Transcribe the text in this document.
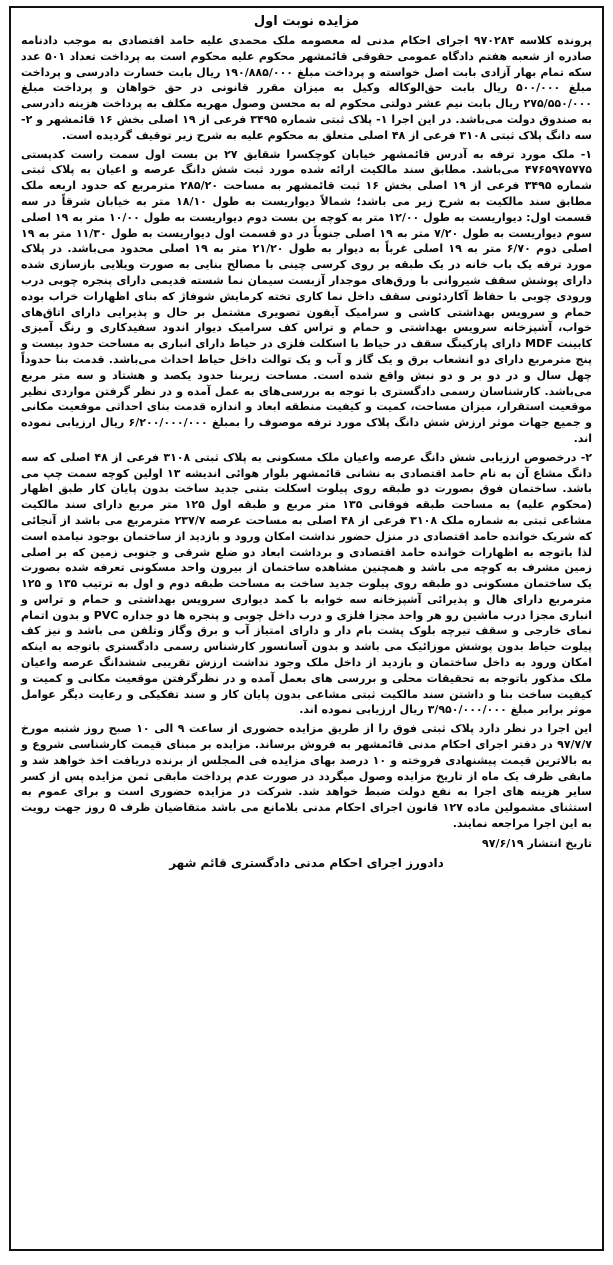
مزایده نوبت اول

پرونده کلاسه ۹۷۰۲۸۴ اجرای احکام مدنی له معصومه ملک محمدی علیه حامد اقتصادی به موجب دادنامه صادره از شعبه هفتم دادگاه عمومی حقوقی قائمشهر محکوم علیه محکوم است به پرداخت تعداد ۵۰۱ عدد سکه تمام بهار آزادی بابت اصل خواسته و پرداخت مبلغ ۱۹۰/۸۸۵/۰۰۰ ریال بابت خسارت دادرسی و پرداخت مبلغ ۵۰۰/۰۰۰ ریال بابت حق‌الوکاله وکیل به میزان مقرر قانونی در حق خواهان و پرداخت مبلغ ۲۷۵/۵۵۰/۰۰۰ ریال بابت نیم عشر دولتی محکوم له به محسن وصول مهریه مکلف به پرداخت هزینه دادرسی به صندوق دولت می‌باشد. در این اجرا ۱- پلاک ثبتی شماره ۳۴۹۵ فرعی از ۱۹ اصلی بخش ۱۶ قائمشهر و ۲- سه دانگ پلاک ثبتی ۳۱۰۸ فرعی از ۴۸ اصلی متعلق به محکوم علیه به شرح زیر توقیف گردیده است.

۱- ملک مورد ترفه به آدرس قائمشهر خیابان کوچکسرا شقایق ۲۷ بن بست اول سمت راست کدپستی ۴۷۶۵۹۷۵۷۷۵ می‌باشد. مطابق سند مالکیت ارائه شده مورد ثبت شش دانگ عرصه و اعیان به پلاک ثبتی شماره ۳۴۹۵ فرعی از ۱۹ اصلی بخش ۱۶ ثبت قائمشهر به مساحت ۲۸۵/۲۰ مترمربع که حدود اربعه ملک مطابق سند مالکیت به شرح زیر می باشد؛ شمالاً دیواریست به طول ۱۸/۱۰ متر به خیابان شرقاً در سه قسمت اول: دیواریست به طول ۱۲/۰۰ متر به کوچه بن بست دوم دیواریست به طول ۱۰/۰۰ متر به ۱۹ اصلی سوم دیواریست به طول ۷/۲۰ متر به ۱۹ اصلی جنوباً در دو قسمت اول دیواریست به طول ۱۱/۳۰ متر به ۱۹ اصلی دوم ۶/۷۰ متر به ۱۹ اصلی غرباً به دیوار به طول ۲۱/۲۰ متر به ۱۹ اصلی محدود می‌باشد. در پلاک مورد ترفه یک باب خانه در یک طبقه بر روی کرسی چینی با مصالح بنایی به صورت ویلایی بازسازی شده دارای پوشش سقف شیروانی با ورق‌های موجدار آزبست سیمان نما شسته قدیمی دارای پنجره چوبی درب ورودی چوبی با حفاظ آکاردئونی سقف داخل نما کاری تخته کرمایش شوفاژ که بنای اظهارات خراب بوده حمام و سرویس بهداشتی کاشی و سرامیک آیفون تصویری مشتمل بر حال و پذیرایی دارای اتاق‌های خواب، آشپزخانه سرویس بهداشتی و حمام و تراس کف سرامیک دیوار اندود سفیدکاری و رنگ آمیزی کابینت MDF دارای پارکینگ سقف در حیاط با اسکلت فلزی در حیاط دارای انباری به مساحت حدود بیست و پنج مترمربع دارای دو انشعاب برق و یک گاز و آب و یک توالت داخل حیاط احداث می‌باشد. قدمت بنا حدوداً چهل سال و در دو بر و دو نبش واقع شده است. مساحت زیربنا حدود یکصد و هشتاد و سه متر مربع می‌باشد. کارشناسان رسمی دادگستری با توجه به بررسی‌های به عمل آمده و در نظر گرفتن مواردی نظیر موقعیت استقرار، میزان مساحت، کمیت و کیفیت منطقه ابعاد و اندازه قدمت بنای احداثی موقعیت مکانی و جمیع جهات موثر ارزش شش دانگ پلاک مورد ترفه موصوف را بمبلغ ۶/۲۰۰/۰۰۰/۰۰۰ ریال ارزیابی نموده اند.

۲- درخصوص ارزیابی شش دانگ عرصه واعیان ملک مسکونی به پلاک ثبتی ۳۱۰۸ فرعی از ۴۸ اصلی که سه دانگ مشاع آن به نام حامد اقتصادی به نشانی قائمشهر بلوار هوائی اندیشه ۱۳ اولین کوچه سمت چپ می باشد. ساختمان فوق بصورت دو طبقه روی پیلوت اسکلت بتنی جدید ساخت بدون پایان کار طبق اظهار (محکوم علیه) به مساحت طبقه فوقانی ۱۳۵ متر مربع و طبقه اول ۱۲۵ متر مربع دارای سند مالکیت مشاعی ثبتی به شماره ملک ۳۱۰۸ فرعی از ۴۸ اصلی به مساحت عرصه ۲۳۷/۷ مترمربع می باشد از آنجائی که شریک خوانده حامد اقتصادی در منزل حضور نداشت امکان ورود و بازدید از ساختمان بوجود نیامده است لذا باتوجه به اظهارات خوانده حامد اقتصادی و برداشت ابعاد دو ضلع شرقی و جنوبی زمین که بر اصلی زمین مشرف به کوچه می باشد و همچنین مشاهده ساختمان از بیرون واحد مسکونی تعرفه شده بصورت یک ساختمان مسکونی دو طبقه روی پیلوت جدید ساخت به مساحت طبقه دوم و اول به ترتیب ۱۳۵ و ۱۲۵ مترمربع دارای هال و پذیرائی آشپزخانه سه خوابه با کمد دیواری سرویس بهداشتی و حمام و تراس و انباری مجزا درب ماشین رو هر واحد مجزا فلزی و درب داخل چوبی و پنجره ها دو جداره PVC و بدون اتمام نمای خارجی و سقف تیرچه بلوک پشت بام دار و دارای امتیاز آب و برق وگاز وتلفن می باشد و نیز کف پیلوت حیاط بدون پوشش موزائیک می باشد و بدون آسانسور کارشناس رسمی دادگستری باتوجه به اینکه امکان ورود به داخل ساختمان و بازدید از داخل ملک وجود نداشت ارزش تقریبی ششدانگ عرصه واعیان ملک مذکور باتوجه به تحقیقات محلی و بررسی های بعمل آمده و در نظرگرفتن موقعیت مکانی و کمیت و کیفیت ساخت بنا و داشتن سند مالکیت ثبتی مشاعی بدون پایان کار و سند تفکیکی و رعایت دیگر عوامل موثر برابر مبلغ ۳/۹۵۰/۰۰۰/۰۰۰ ریال ارزیابی نموده اند.

این اجرا در نظر دارد پلاک ثبتی فوق را از طریق مزایده حضوری از ساعت ۹ الی ۱۰ صبح روز شنبه مورخ ۹۷/۷/۷ در دفتر اجرای احکام مدنی قائمشهر به فروش برساند. مزایده بر مبنای قیمت کارشناسی شروع و به بالاترین قیمت پیشنهادی فروخته و ۱۰ درصد بهای مزایده فی المجلس از برنده دریافت اخذ خواهد شد و مابقی ظرف یک ماه از تاریخ مزایده وصول میگردد در صورت عدم پرداخت مابقی ثمن مزایده پس از کسر سایر هزینه های اجرا به نفع دولت ضبط خواهد شد. شرکت در مزایده حضوری است و برای عموم به استثنای مشمولین ماده ۱۲۷ قانون اجرای احکام مدنی بلامانع می باشد متقاضیان ظرف ۵ روز جهت رویت به این اجرا مراجعه نمایند.

تاریخ انتشار ۹۷/۶/۱۹
دادورز اجرای احکام مدنی دادگستری قائم شهر
